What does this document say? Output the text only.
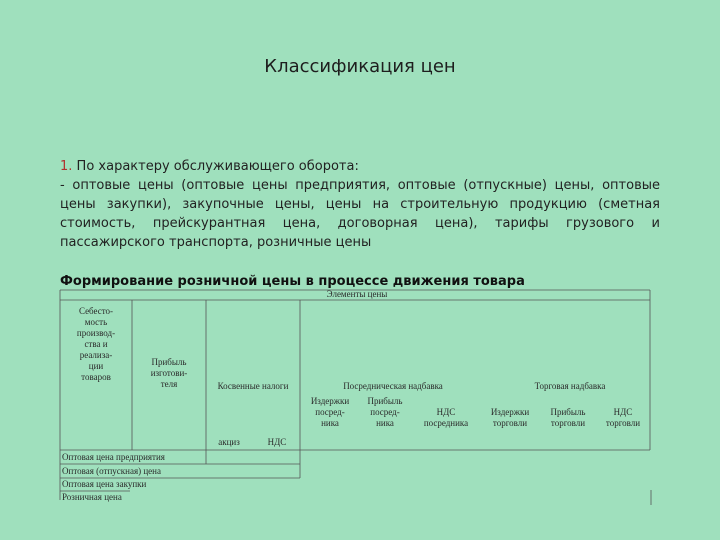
Классификация цен
1. По характеру обслуживающего оборота:
- оптовые цены (оптовые цены предприятия, оптовые (отпускные) цены, оптовые
цены закупки), закупочные цены, цены на строительную продукцию (сметная
стоимость, прейскурантная цена, договорная цена), тарифы грузового и
пассажирского транспорта, розничные цены
Формирование розничной цены в процессе движения товара
Элементы цены
Себесто-
мость
производ-
ства и
реализа-
ции
товаров
Прибыль
изготови-
теля	Косвенные налоги
акциз	НДС
Посредническая надбавка
Издержки
посред-
ника
Прибыль
посред-
ника
НДС
посредника
Торговая надбавка
Издержки
торговли
Прибыль
торговли
НДС
торговли
Оптовая цена предприятия
Оптовая (отпускная) цена
Оптовая цена закупки
Розничная цена
